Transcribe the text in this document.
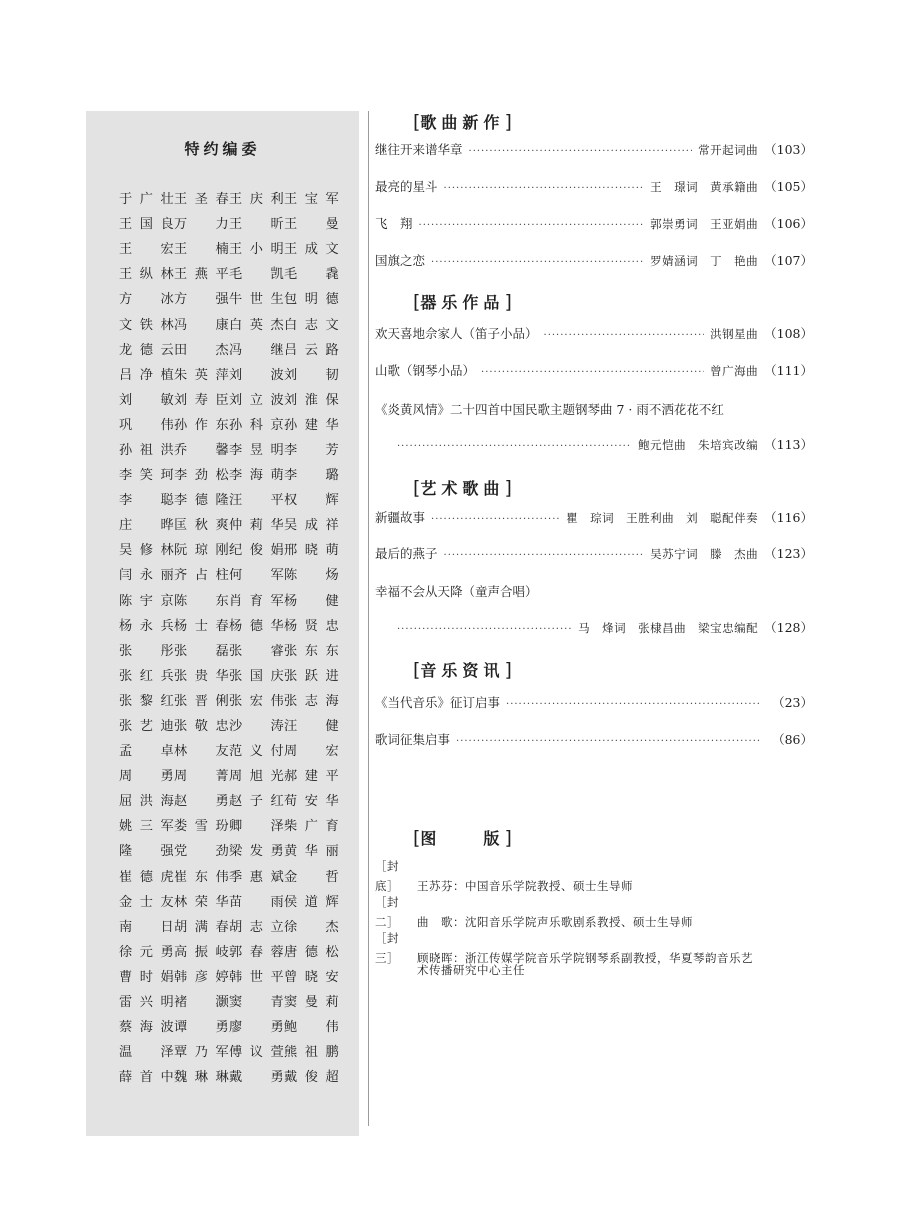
特约编委
于广壮 王圣春 王庆利 王宝军
王国良 万　力 王　昕 王　曼
王　宏 王　楠 王小明 王成文
王纵林 王燕平 毛　凯 毛　毳
方　冰 方　强 牛世生 包明德
文铁林 冯　康 白英杰 白志文
龙德云 田　杰 冯　继 吕云路
吕净植 朱英萍 刘　波 刘　韧
刘　敏 刘寿臣 刘立波 刘淮保
巩　伟 孙作东 孙科京 孙建华
孙祖洪 乔　馨 李昱明 李　芳
李笑珂 李劲松 李海萌 李　璐
李　聪 李德隆 汪　平 权　辉
庄　晔 匡秋爽 仲莉华 吴成祥
吴修林 阮琼刚 纪俊娟 邢晓萌
闫永丽 齐占柱 何　军 陈　炀
陈宇京 陈　东 肖育军 杨　健
杨永兵 杨士春 杨德华 杨贤忠
张　彤 张　磊 张　睿 张东东
张红兵 张贵华 张国庆 张跃进
张黎红 张晋俐 张宏伟 张志海
张艺迪 张敬忠 沙　涛 汪　健
孟　卓 林　友 范义付 周　宏
周　勇 周　菁 周旭光 郝建平
屈洪海 赵　勇 赵子红 荀安华
姚三军 娄雪玢 卿　泽 柴广育
隆　强 党　劲 梁发勇 黄华丽
崔德虎 崔东伟 季惠斌 金　哲
金士友 林荣华 苗　雨 侯道辉
南　日 胡满春 胡志立 徐　杰
徐元勇 高振岐 郭春蓉 唐德松
曹时娟 韩彦婷 韩世平 曾晓安
雷兴明 褚　灏 窦　青 窦曼莉
蔡海波 谭　勇 廖　勇 鲍　伟
温　泽 覃乃军 傅议萱 熊祖鹏
薛首中 魏琳琳 戴　勇 戴俊超
[歌曲新作]
继往开来谱华章 ·····	常开起词曲 （103）
最亮的星斗 ·····	王　璟词　黄承籍曲 （105）
飞　翔 ·····	郭崇勇词　王亚娟曲 （106）
国旗之恋 ·····	罗婧涵词　丁　艳曲 （107）
[器乐作品]
欢天喜地佘家人（笛子小品） ·····	洪钢星曲 （108）
山歌（钢琴小品） ·····	曾广海曲 （111）
《炎黄风情》二十四首中国民歌主题钢琴曲 7 · 雨不洒花花不红
·····
鲍元恺曲　朱培宾改编 （113）
[艺术歌曲]
新疆故事 ·····	瞿　琮词　王胜利曲　刘　聪配伴奏 （116）
最后的燕子 ·····	吴苏宁词　滕　杰曲 （123）
幸福不会从天降（童声合唱）
·····
马　烽词　张棣昌曲　梁宝忠编配 （128）
[音乐资讯]
《当代音乐》征订启事 ·····	（23）
歌词征集启事 ·····	（86）
[图　　版]
［封底］ 王苏芬：中国音乐学院教授、硕士生导师
［封二］ 曲　歌：沈阳音乐学院声乐歌剧系教授、硕士生导师
［封三］ 顾晓晖：浙江传媒学院音乐学院钢琴系副教授，华夏琴韵音乐艺
术传播研究中心主任
